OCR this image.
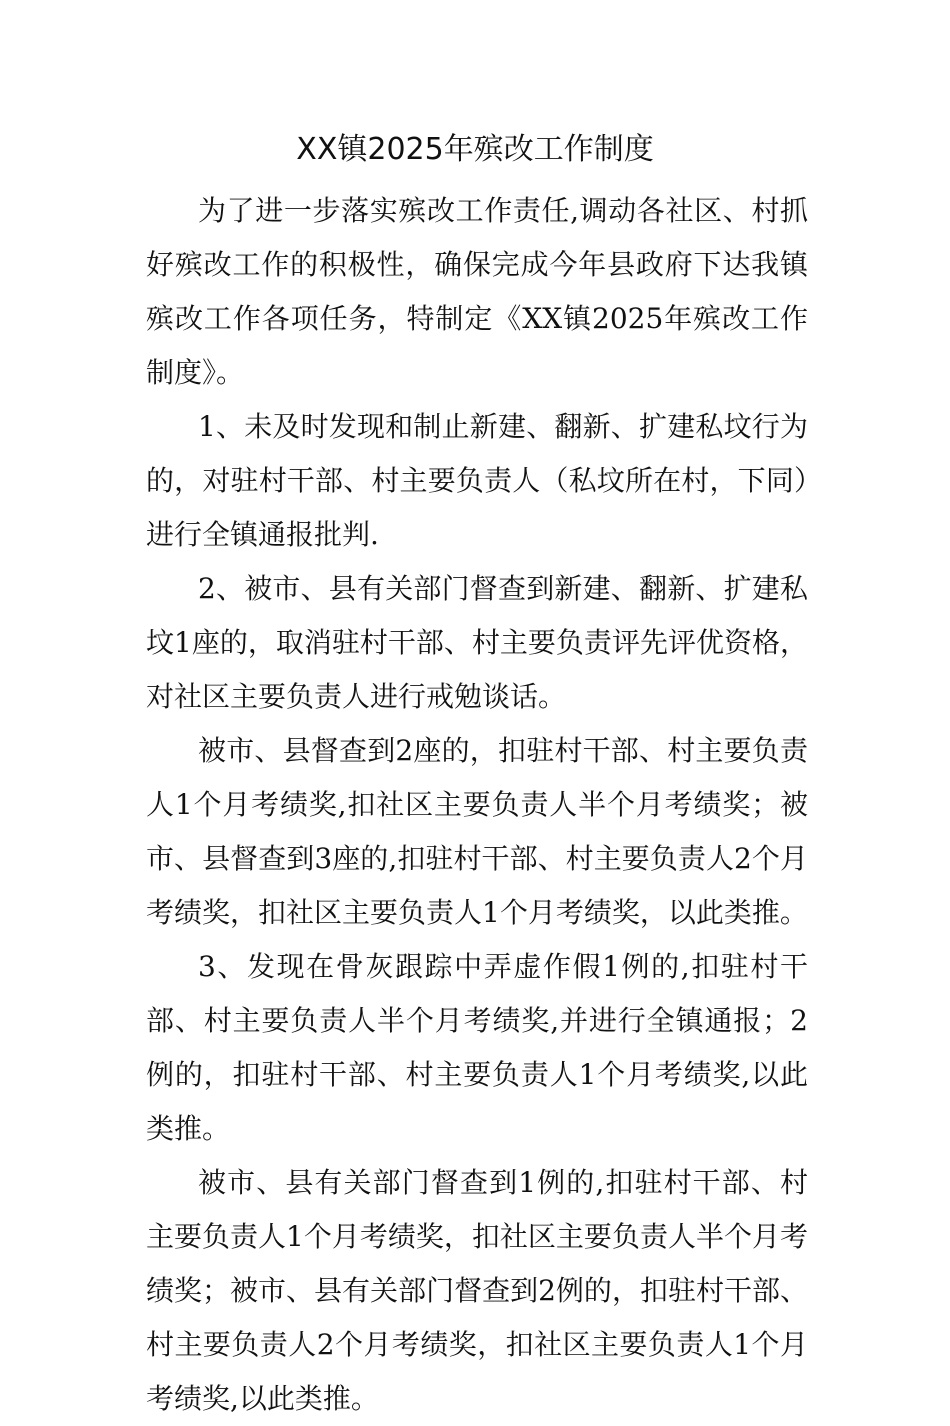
XX镇2025年殡改工作制度

为了进一步落实殡改工作责任,调动各社区、村抓好殡改工作的积极性，确保完成今年县政府下达我镇殡改工作各项任务，特制定《XX镇2025年殡改工作制度》。

1、未及时发现和制止新建、翻新、扩建私坟行为的，对驻村干部、村主要负责人（私坟所在村，下同）进行全镇通报批判.

2、被市、县有关部门督查到新建、翻新、扩建私坟1座的，取消驻村干部、村主要负责评先评优资格，对社区主要负责人进行戒勉谈话。

被市、县督查到2座的，扣驻村干部、村主要负责人1个月考绩奖,扣社区主要负责人半个月考绩奖；被市、县督查到3座的,扣驻村干部、村主要负责人2个月考绩奖，扣社区主要负责人1个月考绩奖，以此类推。

3、发现在骨灰跟踪中弄虚作假1例的,扣驻村干部、村主要负责人半个月考绩奖,并进行全镇通报；2例的，扣驻村干部、村主要负责人1个月考绩奖,以此类推。

被市、县有关部门督查到1例的,扣驻村干部、村主要负责人1个月考绩奖，扣社区主要负责人半个月考绩奖；被市、县有关部门督查到2例的，扣驻村干部、村主要负责人2个月考绩奖，扣社区主要负责人1个月考绩奖,以此类推。
